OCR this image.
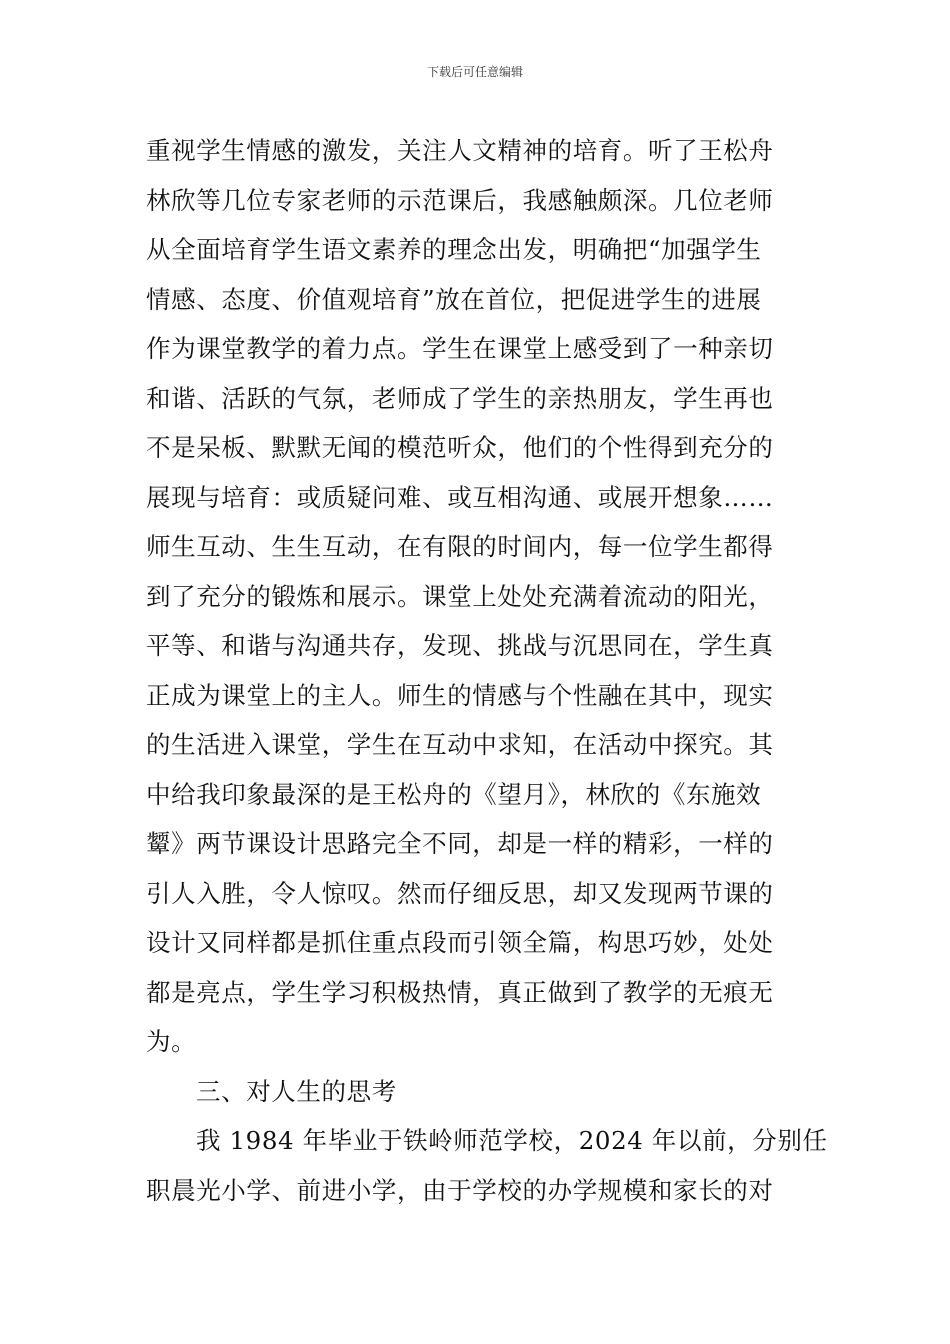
下载后可任意编辑
重视学生情感的激发，关注人文精神的培育。听了王松舟
林欣等几位专家老师的示范课后，我感触颇深。几位老师
从全面培育学生语文素养的理念出发，明确把“加强学生
情感、态度、价值观培育”放在首位，把促进学生的进展
作为课堂教学的着力点。学生在课堂上感受到了一种亲切
和谐、活跃的气氛，老师成了学生的亲热朋友，学生再也
不是呆板、默默无闻的模范听众，他们的个性得到充分的
展现与培育：或质疑问难、或互相沟通、或展开想象……
师生互动、生生互动，在有限的时间内，每一位学生都得
到了充分的锻炼和展示。课堂上处处充满着流动的阳光，
平等、和谐与沟通共存，发现、挑战与沉思同在，学生真
正成为课堂上的主人。师生的情感与个性融在其中，现实
的生活进入课堂，学生在互动中求知，在活动中探究。其
中给我印象最深的是王松舟的《望月》，林欣的《东施效
颦》两节课设计思路完全不同，却是一样的精彩，一样的
引人入胜，令人惊叹。然而仔细反思，却又发现两节课的
设计又同样都是抓住重点段而引领全篇，构思巧妙，处处
都是亮点，学生学习积极热情，真正做到了教学的无痕无
为。
三、对人生的思考
我 1984 年毕业于铁岭师范学校，2024 年以前，分别任
职晨光小学、前进小学，由于学校的办学规模和家长的对
